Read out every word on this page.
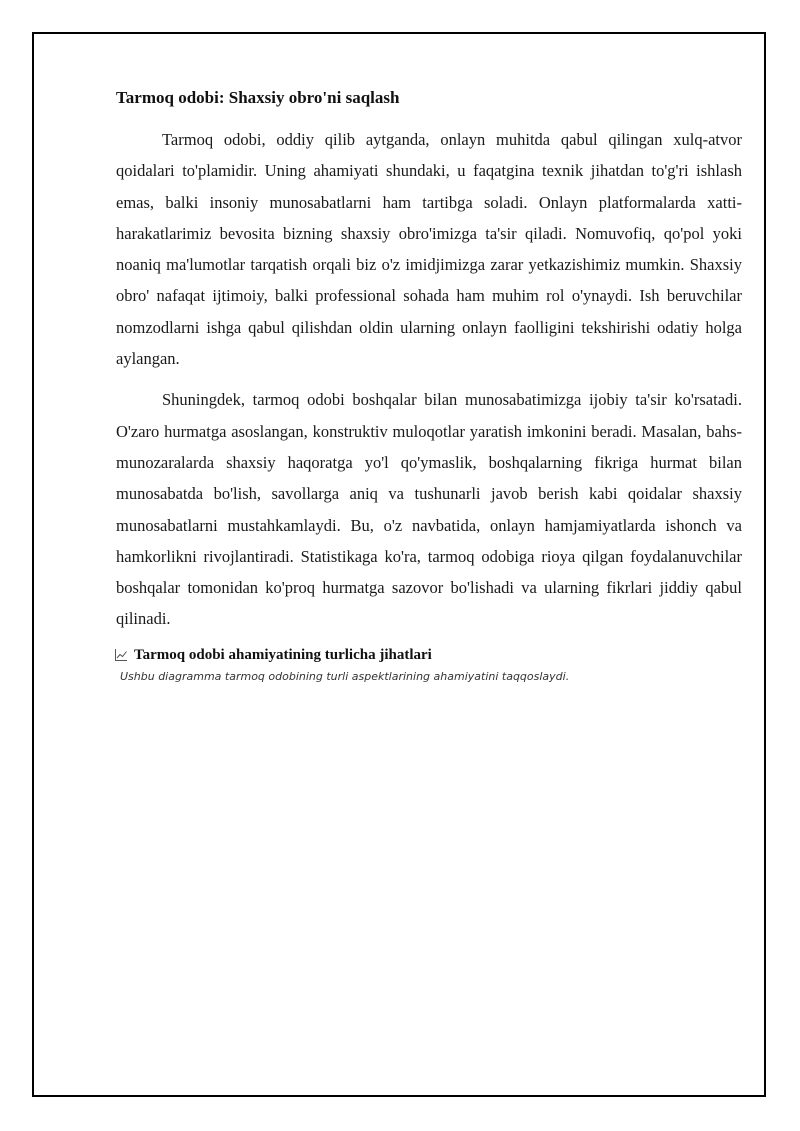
Tarmoq odobi: Shaxsiy obro'ni saqlash

Tarmoq odobi, oddiy qilib aytganda, onlayn muhitda qabul qilingan xulq-atvor qoidalari to'plamidir. Uning ahamiyati shundaki, u faqatgina texnik jihatdan to'g'ri ishlash emas, balki insoniy munosabatlarni ham tartibga soladi. Onlayn platformalarda xatti-harakatlarimiz bevosita bizning shaxsiy obro'imizga ta'sir qiladi. Nomuvofiq, qo'pol yoki noaniq ma'lumotlar tarqatish orqali biz o'z imidjimizga zarar yetkazishimiz mumkin. Shaxsiy obro' nafaqat ijtimoiy, balki professional sohada ham muhim rol o'ynaydi. Ish beruvchilar nomzodlarni ishga qabul qilishdan oldin ularning onlayn faolligini tekshirishi odatiy holga aylangan.

Shuningdek, tarmoq odobi boshqalar bilan munosabatimizga ijobiy ta'sir ko'rsatadi. O'zaro hurmatga asoslangan, konstruktiv muloqotlar yaratish imkonini beradi. Masalan, bahs-munozaralarda shaxsiy haqoratga yo'l qo'ymaslik, boshqalarning fikriga hurmat bilan munosabatda bo'lish, savollarga aniq va tushunarli javob berish kabi qoidalar shaxsiy munosabatlarni mustahkamlaydi. Bu, o'z navbatida, onlayn hamjamiyatlarda ishonch va hamkorlikni rivojlantiradi. Statistikaga ko'ra, tarmoq odobiga rioya qilgan foydalanuvchilar boshqalar tomonidan ko'proq hurmatga sazovor bo'lishadi va ularning fikrlari jiddiy qabul qilinadi.

Tarmoq odobi ahamiyatining turlicha jihatlari
Ushbu diagramma tarmoq odobining turli aspektlarining ahamiyatini taqqoslaydi.
